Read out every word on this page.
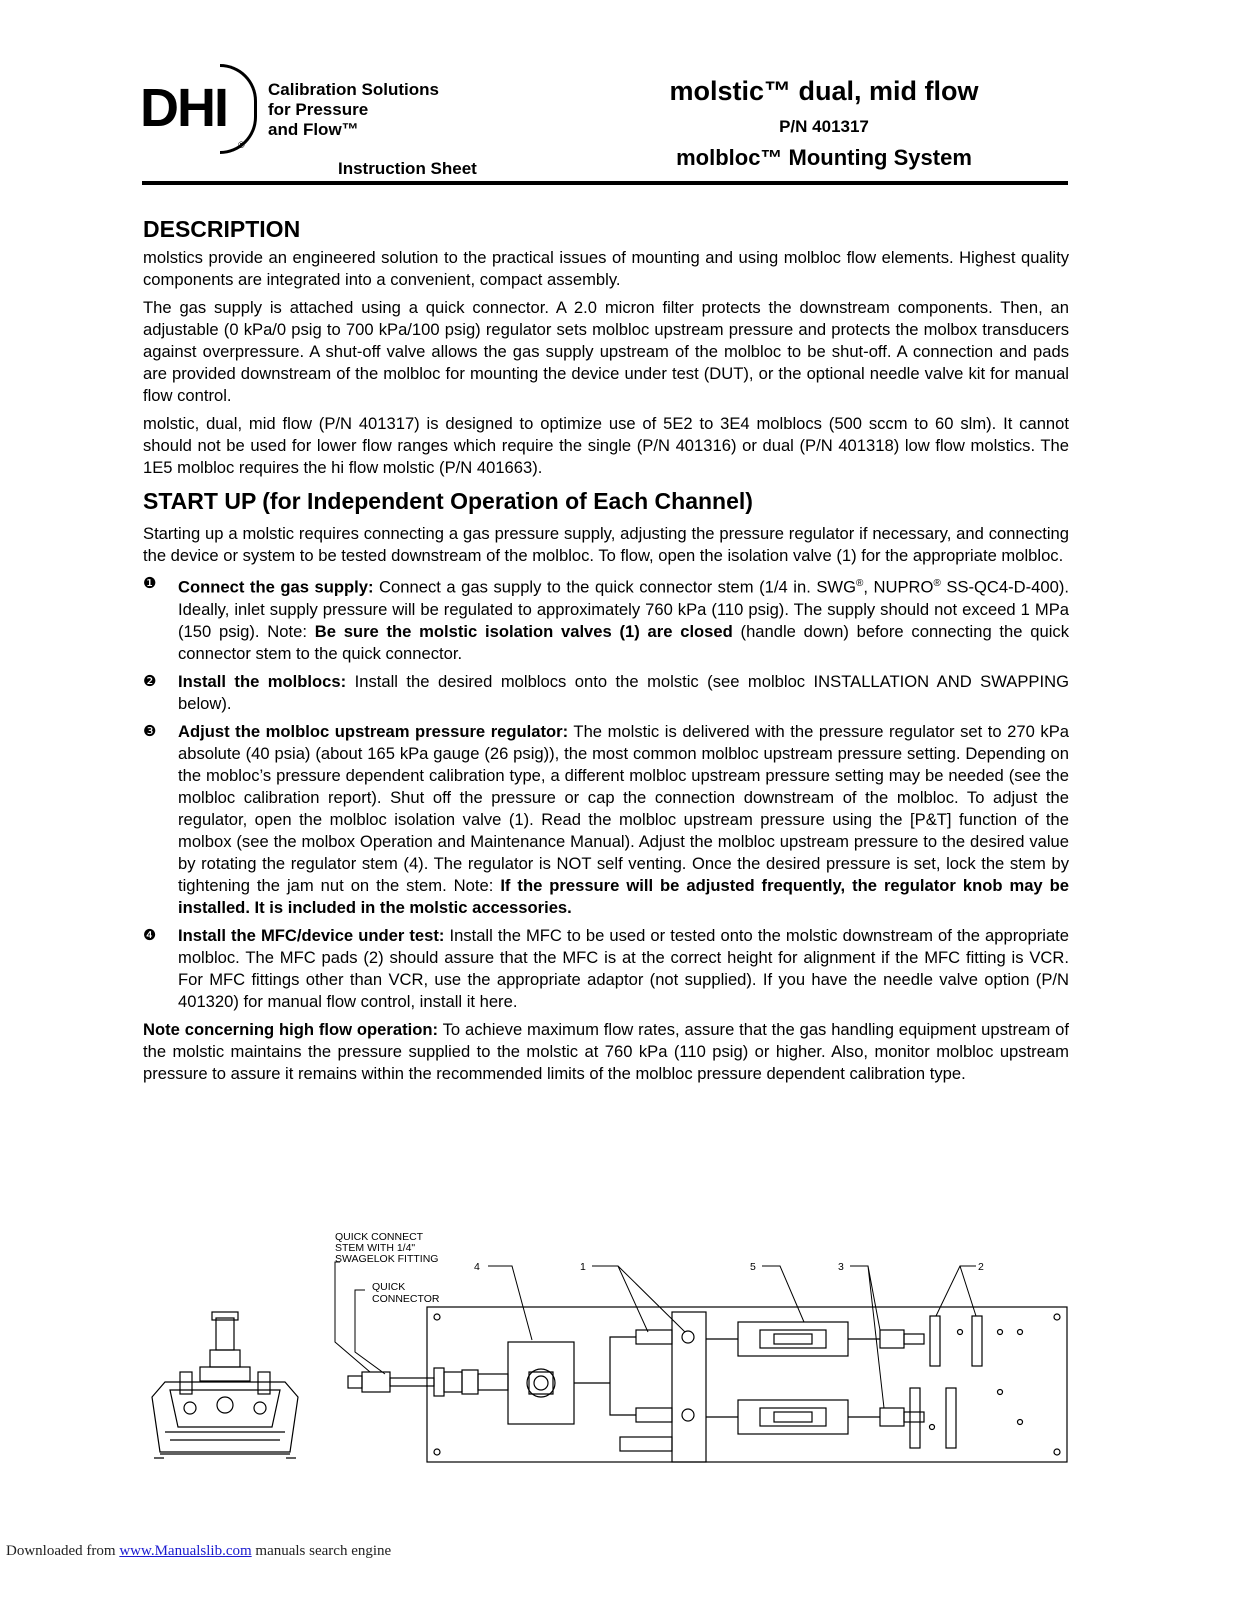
DHI
®
Calibration Solutions
for Pressure
and Flow™
Instruction Sheet
molstic™ dual, mid flow
P/N 401317
molbloc™ Mounting System
DESCRIPTION

molstics provide an engineered solution to the practical issues of mounting and using molbloc flow elements. Highest quality components are integrated into a convenient, compact assembly.

The gas supply is attached using a quick connector. A 2.0 micron filter protects the downstream components. Then, an adjustable (0 kPa/0 psig to 700 kPa/100 psig) regulator sets molbloc upstream pressure and protects the molbox transducers against overpressure. A shut-off valve allows the gas supply upstream of the molbloc to be shut-off. A connection and pads are provided downstream of the molbloc for mounting the device under test (DUT), or the optional needle valve kit for manual flow control.

molstic, dual, mid flow (P/N 401317) is designed to optimize use of 5E2 to 3E4 molblocs (500 sccm to 60 slm). It cannot should not be used for lower flow ranges which require the single (P/N 401316) or dual (P/N 401318) low flow molstics. The 1E5 molbloc requires the hi flow molstic (P/N 401663).

START UP (for Independent Operation of Each Channel)

Starting up a molstic requires connecting a gas pressure supply, adjusting the pressure regulator if necessary, and connecting the device or system to be tested downstream of the molbloc. To flow, open the isolation valve (1) for the appropriate molbloc.

❶ Connect the gas supply: Connect a gas supply to the quick connector stem (1/4 in. SWG®, NUPRO® SS-QC4-D-400). Ideally, inlet supply pressure will be regulated to approximately 760 kPa (110 psig). The supply should not exceed 1 MPa (150 psig). Note: Be sure the molstic isolation valves (1) are closed (handle down) before connecting the quick connector stem to the quick connector.
❷ Install the molblocs: Install the desired molblocs onto the molstic (see molbloc INSTALLATION AND SWAPPING below).
❸ Adjust the molbloc upstream pressure regulator: The molstic is delivered with the pressure regulator set to 270 kPa absolute (40 psia) (about 165 kPa gauge (26 psig)), the most common molbloc upstream pressure setting. Depending on the mobloc’s pressure dependent calibration type, a different molbloc upstream pressure setting may be needed (see the molbloc calibration report). Shut off the pressure or cap the connection downstream of the molbloc. To adjust the regulator, open the molbloc isolation valve (1). Read the molbloc upstream pressure using the [P&T] function of the molbox (see the molbox Operation and Maintenance Manual). Adjust the molbloc upstream pressure to the desired value by rotating the regulator stem (4). The regulator is NOT self venting. Once the desired pressure is set, lock the stem by tightening the jam nut on the stem. Note: If the pressure will be adjusted frequently, the regulator knob may be installed. It is included in the molstic accessories.
❹ Install the MFC/device under test: Install the MFC to be used or tested onto the molstic downstream of the appropriate molbloc. The MFC pads (2) should assure that the MFC is at the correct height for alignment if the MFC fitting is VCR. For MFC fittings other than VCR, use the appropriate adaptor (not supplied). If you have the needle valve option (P/N 401320) for manual flow control, install it here.

Note concerning high flow operation: To achieve maximum flow rates, assure that the gas handling equipment upstream of the molstic maintains the pressure supplied to the molstic at 760 kPa (110 psig) or higher. Also, monitor molbloc upstream pressure to assure it remains within the recommended limits of the molbloc pressure dependent calibration type.

QUICK CONNECT
STEM WITH 1/4"
SWAGELOK FITTING
QUICK
CONNECTOR
4	1	5	3	2
Downloaded from www.Manualslib.com manuals search engine
